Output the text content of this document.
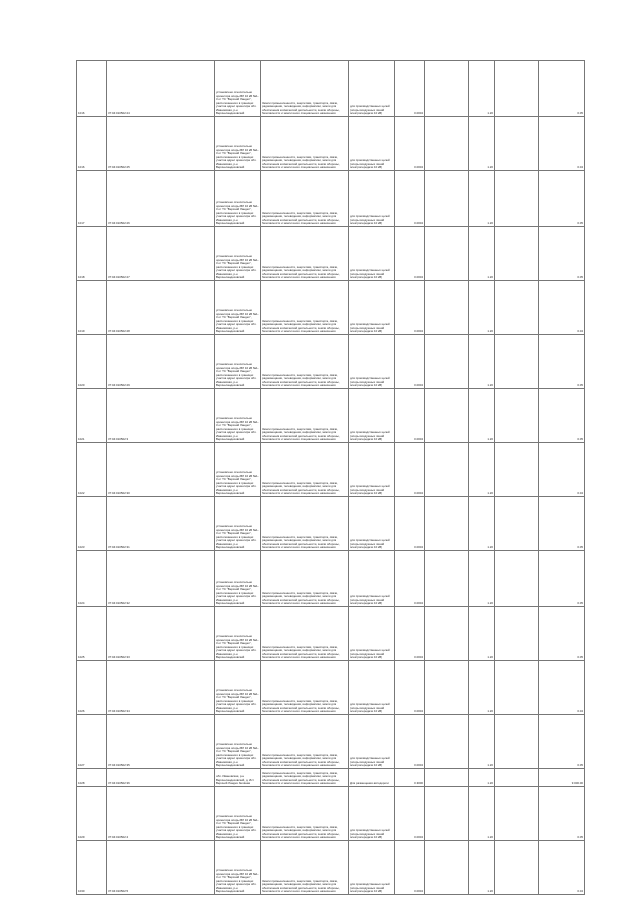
1016	37:04:010502:24	установлено относительно ориентира опоры ВЛ 10 кВ №1-3 от ТС "Верхний Ландех", расположенного в границах участка адрес ориентира обл. Ивановская, р-н Верхнеландеховский	Земли промышленности, энергетики, транспорта, связи, радиовещания, телевидения, информатики, земли для обеспечения космической деятельности, земли обороны, безопасности и земли иного специального назначения	для производственных целей (опоры воздушных линий электропередачи 10 кВ)	0.0004		1.20		0.05
1016	37:04:010502:25	установлено относительно ориентира опоры ВЛ 10 кВ №1-3 от ТС "Верхний Ландех", расположенного в границах участка адрес ориентира обл. Ивановская, р-н Верхнеландеховский	Земли промышленности, энергетики, транспорта, связи, радиовещания, телевидения, информатики, земли для обеспечения космической деятельности, земли обороны, безопасности и земли иного специального назначения	для производственных целей (опоры воздушных линий электропередачи 10 кВ)	0.0004		1.20		0.04
1017	37:04:010502:26	установлено относительно ориентира опоры ВЛ 10 кВ №1-3 от ТС "Верхний Ландех", расположенного в границах участка адрес ориентира обл. Ивановская, р-н Верхнеландеховский	Земли промышленности, энергетики, транспорта, связи, радиовещания, телевидения, информатики, земли для обеспечения космической деятельности, земли обороны, безопасности и земли иного специального назначения	для производственных целей (опоры воздушных линий электропередачи 10 кВ)	0.0004		1.20		0.05
1018	37:04:010502:27	установлено относительно ориентира опоры ВЛ 10 кВ №1-3 от ТС "Верхний Ландех", расположенного в границах участка адрес ориентира обл. Ивановская, р-н Верхнеландеховский	Земли промышленности, энергетики, транспорта, связи, радиовещания, телевидения, информатики, земли для обеспечения космической деятельности, земли обороны, безопасности и земли иного специального назначения	для производственных целей (опоры воздушных линий электропередачи 10 кВ)	0.0004		1.20		0.05
1019	37:04:010502:28	установлено относительно ориентира опоры ВЛ 10 кВ №1-3 от ТС "Верхний Ландех", расположенного в границах участка адрес ориентира обл. Ивановская, р-н Верхнеландеховский	Земли промышленности, энергетики, транспорта, связи, радиовещания, телевидения, информатики, земли для обеспечения космической деятельности, земли обороны, безопасности и земли иного специального назначения	для производственных целей (опоры воздушных линий электропередачи 10 кВ)	0.0004		1.20		0.04
1020	37:04:010502:29	установлено относительно ориентира опоры ВЛ 10 кВ №1-3 от ТС "Верхний Ландех", расположенного в границах участка адрес ориентира обл. Ивановская, р-н Верхнеландеховский	Земли промышленности, энергетики, транспорта, связи, радиовещания, телевидения, информатики, земли для обеспечения космической деятельности, земли обороны, безопасности и земли иного специального назначения	для производственных целей (опоры воздушных линий электропередачи 10 кВ)	0.0004		1.20		0.05
1021	37:04:010502:3	установлено относительно ориентира опоры ВЛ 10 кВ №1-3 от ТС "Верхний Ландех", расположенного в границах участка адрес ориентира обл. Ивановская, р-н Верхнеландеховский	Земли промышленности, энергетики, транспорта, связи, радиовещания, телевидения, информатики, земли для обеспечения космической деятельности, земли обороны, безопасности и земли иного специального назначения	для производственных целей (опоры воздушных линий электропередачи 10 кВ)	0.0004		1.20		0.05
1022	37:04:010502:30	установлено относительно ориентира опоры ВЛ 10 кВ №1-3 от ТС "Верхний Ландех", расположенного в границах участка адрес ориентира обл. Ивановская, р-н Верхнеландеховский	Земли промышленности, энергетики, транспорта, связи, радиовещания, телевидения, информатики, земли для обеспечения космической деятельности, земли обороны, безопасности и земли иного специального назначения	для производственных целей (опоры воздушных линий электропередачи 10 кВ)	0.0004		1.20		0.04
1023	37:04:010502:31	установлено относительно ориентира опоры ВЛ 10 кВ №1-3 от ТС "Верхний Ландех", расположенного в границах участка адрес ориентира обл. Ивановская, р-н Верхнеландеховский	Земли промышленности, энергетики, транспорта, связи, радиовещания, телевидения, информатики, земли для обеспечения космической деятельности, земли обороны, безопасности и земли иного специального назначения	для производственных целей (опоры воздушных линий электропередачи 10 кВ)	0.0004		1.20		0.05
1024	37:04:010502:32	установлено относительно ориентира опоры ВЛ 10 кВ №1-3 от ТС "Верхний Ландех", расположенного в границах участка адрес ориентира обл. Ивановская, р-н Верхнеландеховский	Земли промышленности, энергетики, транспорта, связи, радиовещания, телевидения, информатики, земли для обеспечения космической деятельности, земли обороны, безопасности и земли иного специального назначения	для производственных целей (опоры воздушных линий электропередачи 10 кВ)	0.0004		1.20		0.05
1025	37:04:010502:33	установлено относительно ориентира опоры ВЛ 10 кВ №1-3 от ТС "Верхний Ландех", расположенного в границах участка адрес ориентира обл. Ивановская, р-н Верхнеландеховский	Земли промышленности, энергетики, транспорта, связи, радиовещания, телевидения, информатики, земли для обеспечения космической деятельности, земли обороны, безопасности и земли иного специального назначения	для производственных целей (опоры воздушных линий электропередачи 10 кВ)	0.0004		1.20		0.05
1026	37:04:010502:34	установлено относительно ориентира опоры ВЛ 10 кВ №1-3 от ТС "Верхний Ландех", расположенного в границах участка адрес ориентира обл. Ивановская, р-н Верхнеландеховский	Земли промышленности, энергетики, транспорта, связи, радиовещания, телевидения, информатики, земли для обеспечения космической деятельности, земли обороны, безопасности и земли иного специального назначения	для производственных целей (опоры воздушных линий электропередачи 10 кВ)	0.0004		1.20		0.04
1027	37:04:010502:35	установлено относительно ориентира опоры ВЛ 10 кВ №1-3 от ТС "Верхний Ландех", расположенного в границах участка адрес ориентира обл. Ивановская, р-н Верхнеландеховский	Земли промышленности, энергетики, транспорта, связи, радиовещания, телевидения, информатики, земли для обеспечения космической деятельности, земли обороны, безопасности и земли иного специального назначения	для производственных целей (опоры воздушных линий электропередачи 10 кВ)	0.0004		1.20		0.05
1028	37:04:010502:36	обл. Ивановская, р-н Верхнеландеховский, д. Ист Верхний Ландех Зелёная	Земли промышленности, энергетики, транспорта, связи, радиовещания, телевидения, информатики, земли для обеспечения космической деятельности, земли обороны, безопасности и земли иного специального назначения	Для размещения автодороги	0.3000		1.20		9 000.00
1029	37:04:010502:4	установлено относительно ориентира опоры ВЛ 10 кВ №1-3 от ТС "Верхний Ландех", расположенного в границах участка адрес ориентира обл. Ивановская, р-н Верхнеландеховский	Земли промышленности, энергетики, транспорта, связи, радиовещания, телевидения, информатики, земли для обеспечения космической деятельности, земли обороны, безопасности и земли иного специального назначения	для производственных целей (опоры воздушных линий электропередачи 10 кВ)	0.0004		1.20		0.05
1030	37:04:010502:5	установлено относительно ориентира опоры ВЛ 10 кВ №1-3 от ТС "Верхний Ландех", расположенного в границах участка адрес ориентира обл. Ивановская, р-н Верхнеландеховский	Земли промышленности, энергетики, транспорта, связи, радиовещания, телевидения, информатики, земли для обеспечения космической деятельности, земли обороны, безопасности и земли иного специального назначения	для производственных целей (опоры воздушных линий электропередачи 10 кВ)	0.0004		1.20		0.04
